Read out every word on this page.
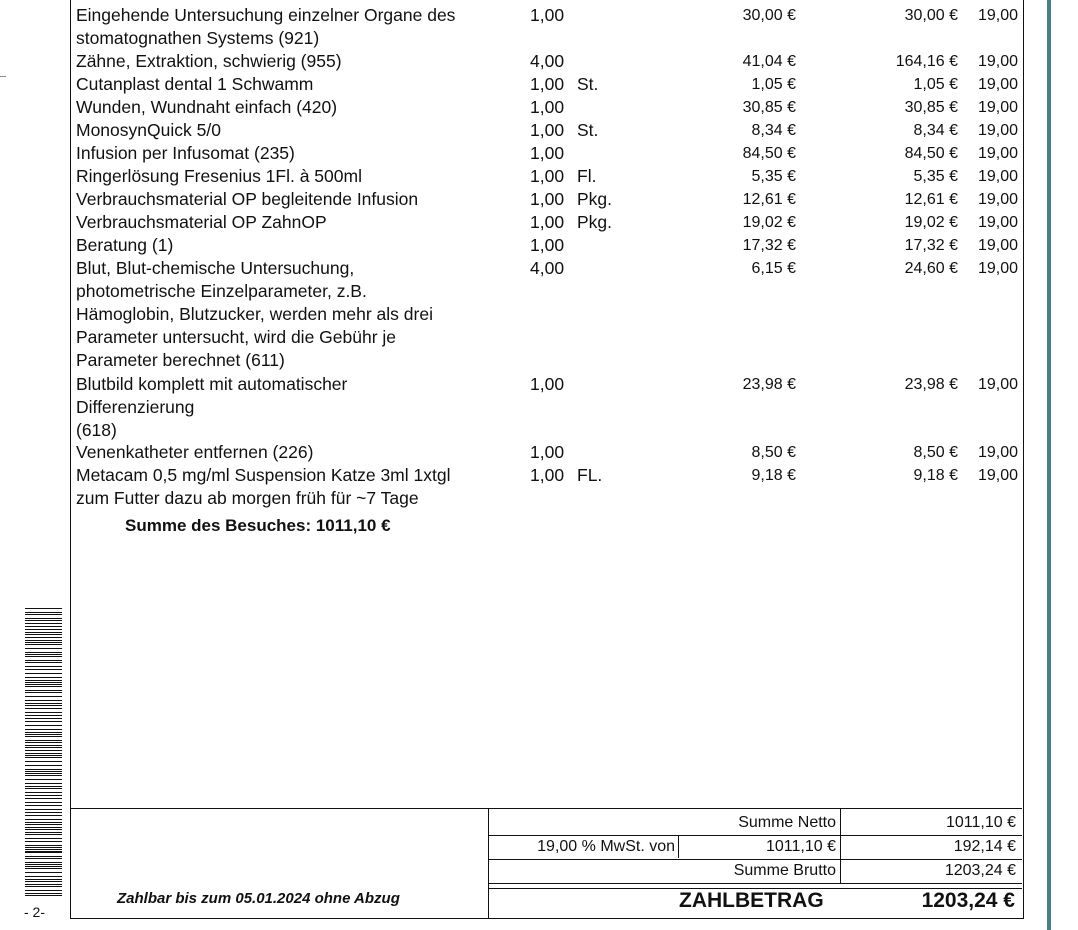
Eingehende Untersuchung einzelner Organe des
stomatognathen Systems (921)
1,00	30,00 €	30,00 €	19,00
Zähne, Extraktion, schwierig (955)	4,00	41,04 €	164,16 €	19,00
Cutanplast dental 1 Schwamm	1,00 St.	1,05 €	1,05 €	19,00
Wunden, Wundnaht einfach (420)	1,00	30,85 €	30,85 €	19,00
MonosynQuick 5/0	1,00 St.	8,34 €	8,34 €	19,00
Infusion per Infusomat (235)	1,00	84,50 €	84,50 €	19,00
Ringerlösung Fresenius 1Fl. à 500ml	1,00 Fl.	5,35 €	5,35 €	19,00
Verbrauchsmaterial OP begleitende Infusion	1,00 Pkg.	12,61 €	12,61 €	19,00
Verbrauchsmaterial OP ZahnOP	1,00 Pkg.	19,02 €	19,02 €	19,00
Beratung (1)	1,00	17,32 €	17,32 €	19,00
Blut, Blut-chemische Untersuchung,
photometrische Einzelparameter, z.B.
Hämoglobin, Blutzucker, werden mehr als drei
Parameter untersucht, wird die Gebühr je
Parameter berechnet (611)
4,00	6,15 €	24,60 €	19,00
Blutbild komplett mit automatischer
Differenzierung
(618)
1,00	23,98 €	23,98 €	19,00
Venenkatheter entfernen (226)	1,00	8,50 €	8,50 €	19,00
Metacam 0,5 mg/ml Suspension Katze 3ml 1xtgl
zum Futter dazu ab morgen früh für ~7 Tage
1,00 FL.	9,18 €	9,18 €	19,00
Summe des Besuches: 1011,10 €
Summe Netto	1011,10 €
19,00 % MwSt. von	1011,10 €	192,14 €
Summe Brutto	1203,24 €
Zahlbar bis zum 05.01.2024 ohne Abzug	ZAHLBETRAG	1203,24 €
- 2-
